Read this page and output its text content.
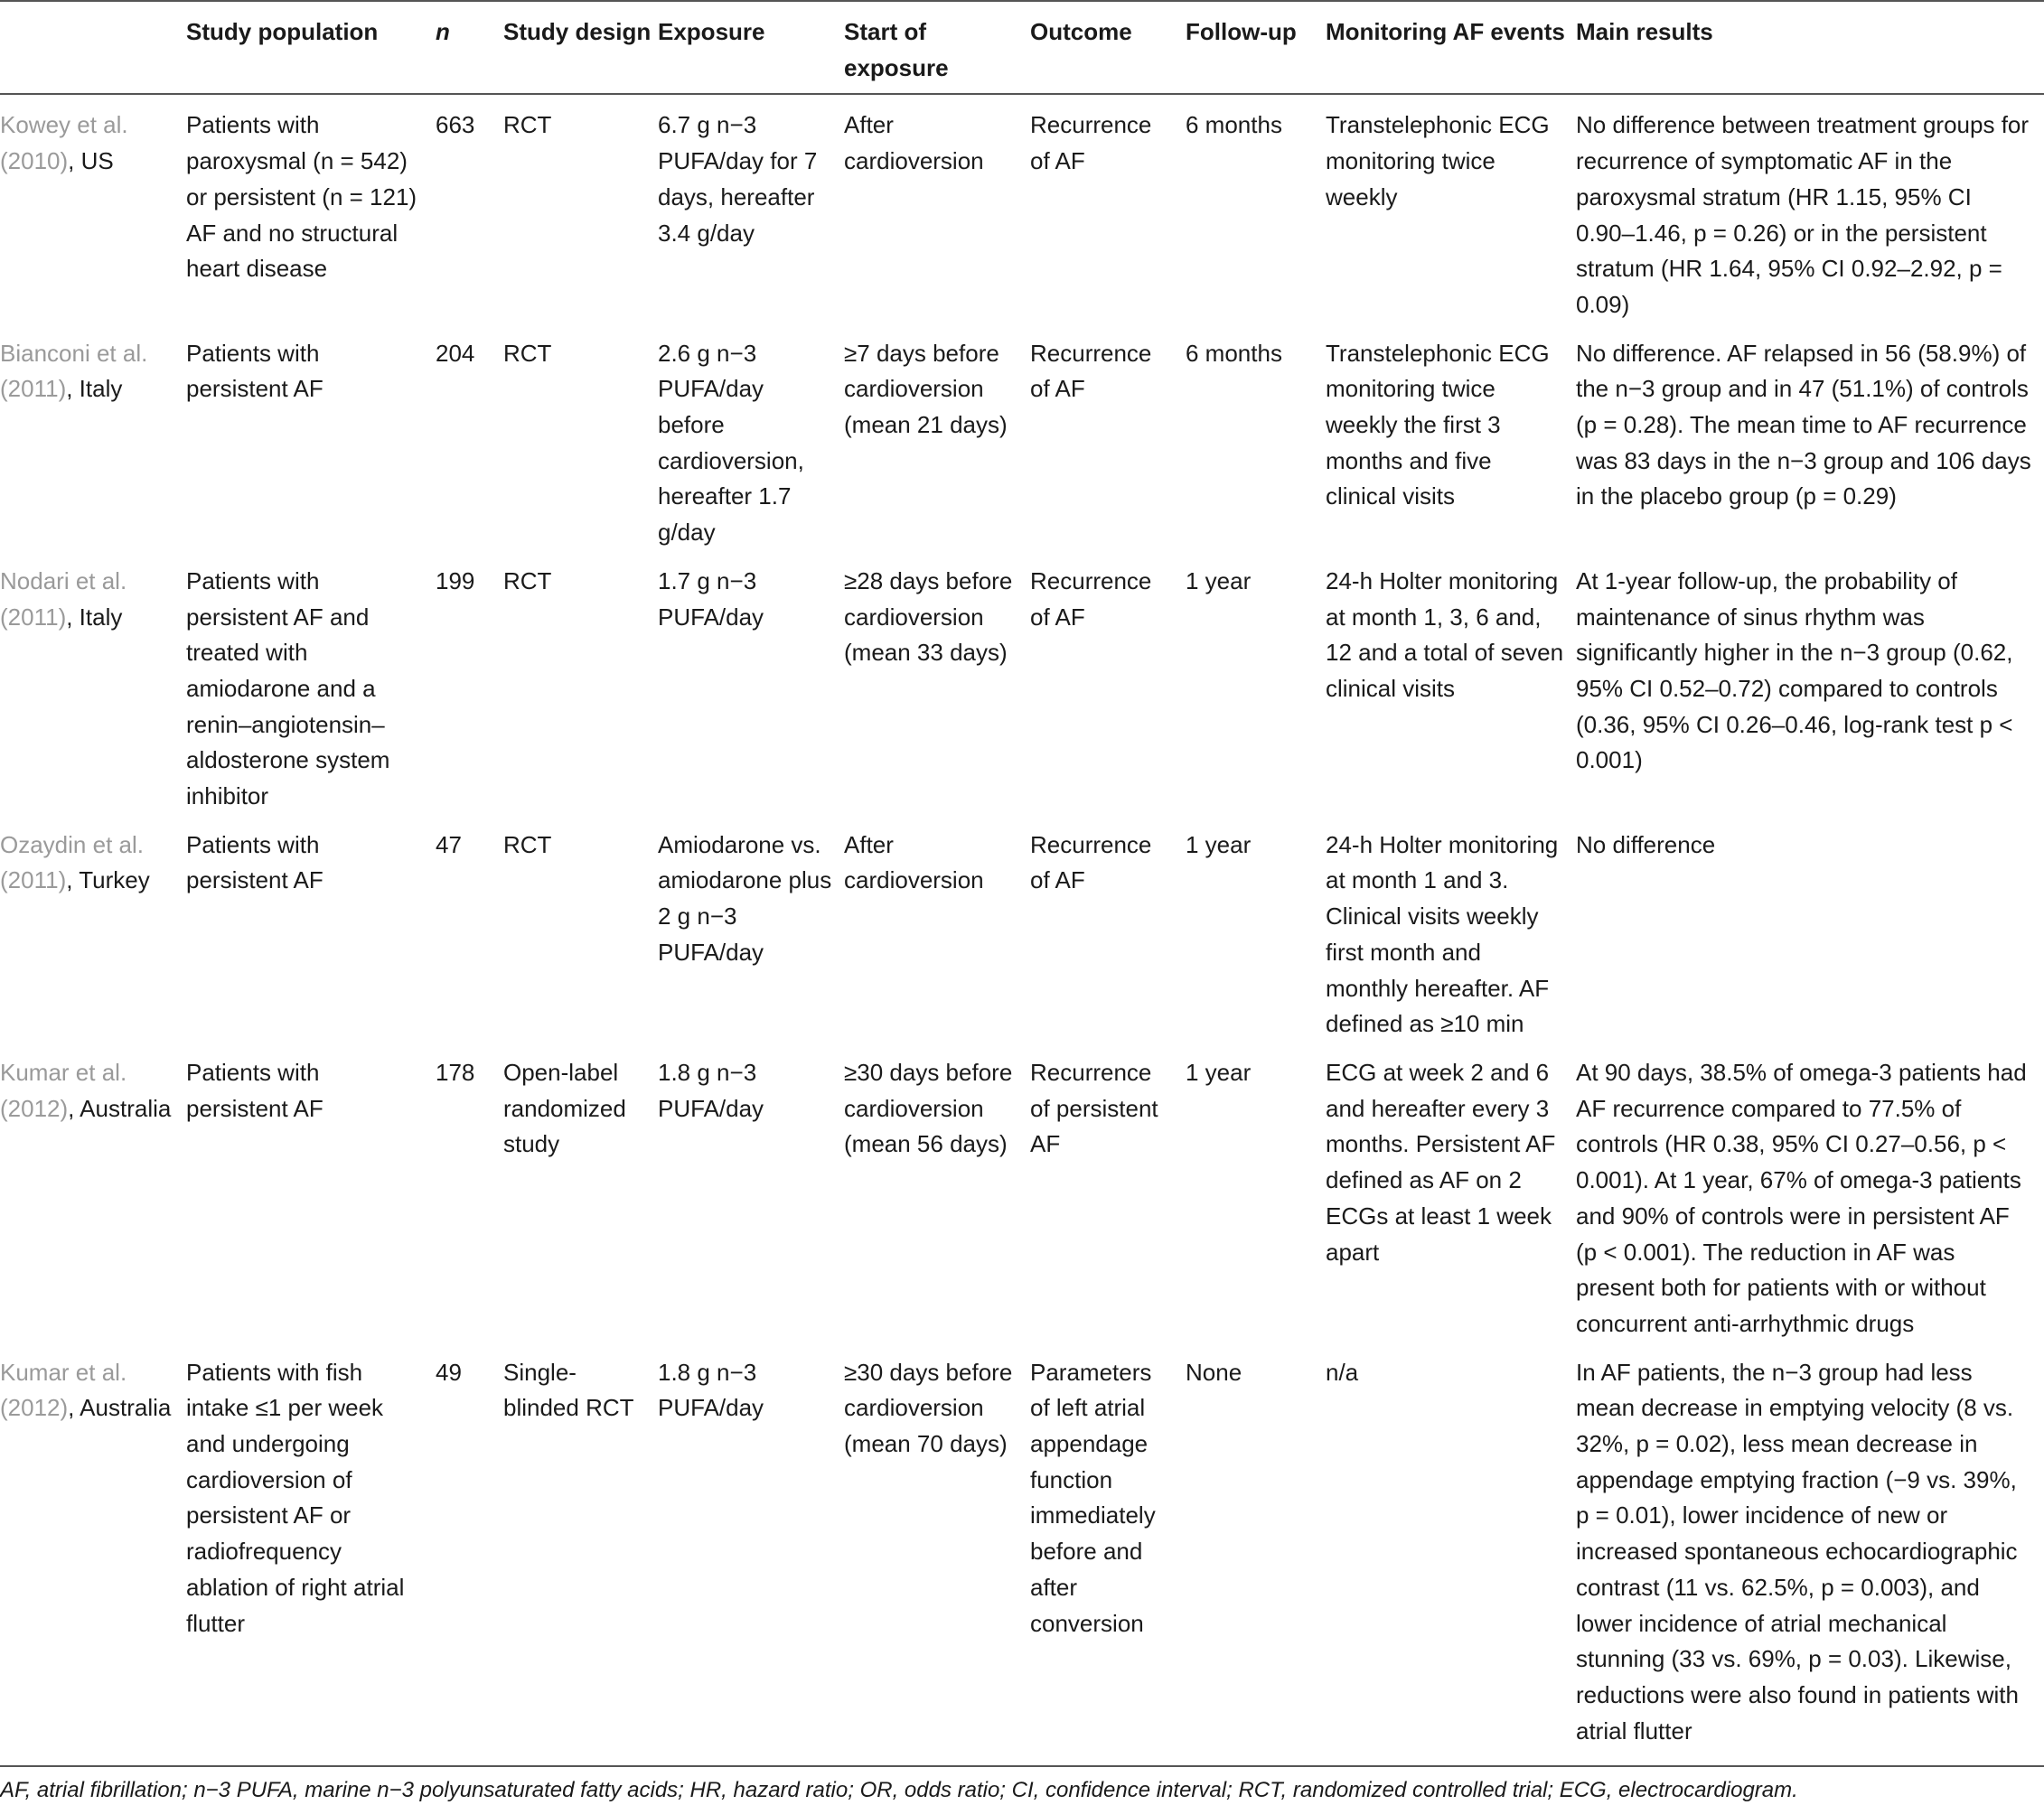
	Study population	n	Study design	Exposure	Start of exposure	Outcome	Follow-up	Monitoring AF events	Main results

Kowey et al. (2010), US	Patients with paroxysmal (n = 542) or persistent (n = 121) AF and no structural heart disease	663	RCT	6.7 g n−3 PUFA/day for 7 days, hereafter 3.4 g/day	After cardioversion	Recurrence of AF	6 months	Transtelephonic ECG monitoring twice weekly	No difference between treatment groups for recurrence of symptomatic AF in the paroxysmal stratum (HR 1.15, 95% CI 0.90–1.46, p = 0.26) or in the persistent stratum (HR 1.64, 95% CI 0.92–2.92, p = 0.09)

Bianconi et al. (2011), Italy	Patients with persistent AF	204	RCT	2.6 g n−3 PUFA/day before cardioversion, hereafter 1.7 g/day	≥7 days before cardioversion (mean 21 days)	Recurrence of AF	6 months	Transtelephonic ECG monitoring twice weekly the first 3 months and five clinical visits	No difference. AF relapsed in 56 (58.9%) of the n−3 group and in 47 (51.1%) of controls (p = 0.28). The mean time to AF recurrence was 83 days in the n−3 group and 106 days in the placebo group (p = 0.29)

Nodari et al. (2011), Italy	Patients with persistent AF and treated with amiodarone and a renin–angiotensin–aldosterone system inhibitor	199	RCT	1.7 g n−3 PUFA/day	≥28 days before cardioversion (mean 33 days)	Recurrence of AF	1 year	24-h Holter monitoring at month 1, 3, 6 and, 12 and a total of seven clinical visits	At 1-year follow-up, the probability of maintenance of sinus rhythm was significantly higher in the n−3 group (0.62, 95% CI 0.52–0.72) compared to controls (0.36, 95% CI 0.26–0.46, log-rank test p < 0.001)

Ozaydin et al. (2011), Turkey	Patients with persistent AF	47	RCT	Amiodarone vs. amiodarone plus 2 g n−3 PUFA/day	After cardioversion	Recurrence of AF	1 year	24-h Holter monitoring at month 1 and 3. Clinical visits weekly first month and monthly hereafter. AF defined as ≥10 min	No difference

Kumar et al. (2012), Australia	Patients with persistent AF	178	Open-label randomized study	1.8 g n−3 PUFA/day	≥30 days before cardioversion (mean 56 days)	Recurrence of persistent AF	1 year	ECG at week 2 and 6 and hereafter every 3 months. Persistent AF defined as AF on 2 ECGs at least 1 week apart	At 90 days, 38.5% of omega-3 patients had AF recurrence compared to 77.5% of controls (HR 0.38, 95% CI 0.27–0.56, p < 0.001). At 1 year, 67% of omega-3 patients and 90% of controls were in persistent AF (p < 0.001). The reduction in AF was present both for patients with or without concurrent anti-arrhythmic drugs

Kumar et al. (2012), Australia	Patients with fish intake ≤1 per week and undergoing cardioversion of persistent AF or radiofrequency ablation of right atrial flutter	49	Single-blinded RCT	1.8 g n−3 PUFA/day	≥30 days before cardioversion (mean 70 days)	Parameters of left atrial appendage function immediately before and after conversion	None	n/a	In AF patients, the n−3 group had less mean decrease in emptying velocity (8 vs. 32%, p = 0.02), less mean decrease in appendage emptying fraction (−9 vs. 39%, p = 0.01), lower incidence of new or increased spontaneous echocardiographic contrast (11 vs. 62.5%, p = 0.003), and lower incidence of atrial mechanical stunning (33 vs. 69%, p = 0.03). Likewise, reductions were also found in patients with atrial flutter
AF, atrial fibrillation; n−3 PUFA, marine n−3 polyunsaturated fatty acids; HR, hazard ratio; OR, odds ratio; CI, confidence interval; RCT, randomized controlled trial; ECG, electrocardiogram.
